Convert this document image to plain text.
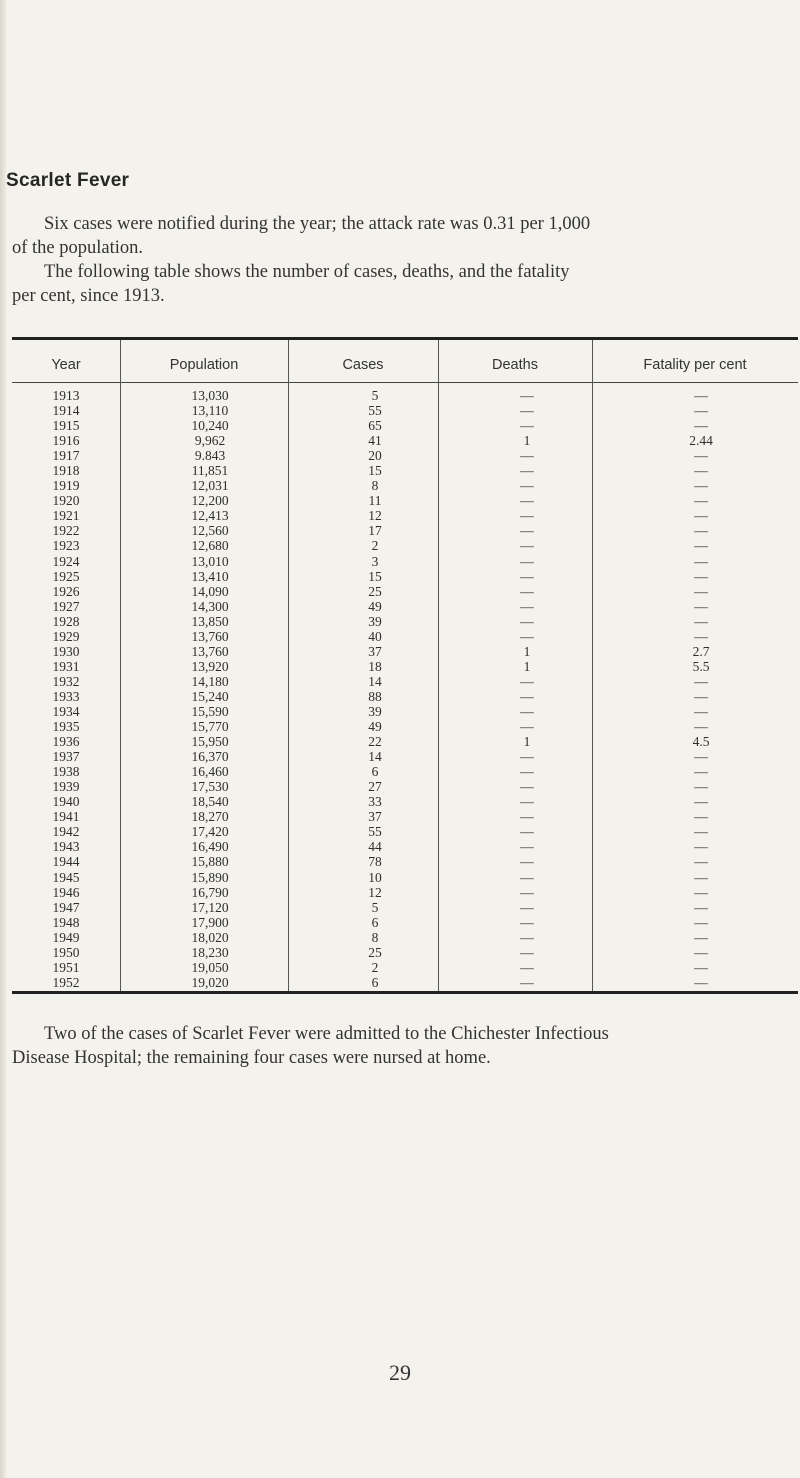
Scarlet Fever
Six cases were notified during the year; the attack rate was 0.31 per 1,000
of the population.
The following table shows the number of cases, deaths, and the fatality
per cent, since 1913.
Year	Population	Cases	Deaths	Fatality per cent
1913	13,030	5	—	—
1914	13,110	55	—	—
1915	10,240	65	—	—
1916	9,962	41	1	2.44
1917	9.843	20	—	—
1918	11,851	15	—	—
1919	12,031	8	—	—
1920	12,200	11	—	—
1921	12,413	12	—	—
1922	12,560	17	—	—
1923	12,680	2	—	—
1924	13,010	3	—	—
1925	13,410	15	—	—
1926	14,090	25	—	—
1927	14,300	49	—	—
1928	13,850	39	—	—
1929	13,760	40	—	—
1930	13,760	37	1	2.7
1931	13,920	18	1	5.5
1932	14,180	14	—	—
1933	15,240	88	—	—
1934	15,590	39	—	—
1935	15,770	49	—	—
1936	15,950	22	1	4.5
1937	16,370	14	—	—
1938	16,460	6	—	—
1939	17,530	27	—	—
1940	18,540	33	—	—
1941	18,270	37	—	—
1942	17,420	55	—	—
1943	16,490	44	—	—
1944	15,880	78	—	—
1945	15,890	10	—	—
1946	16,790	12	—	—
1947	17,120	5	—	—
1948	17,900	6	—	—
1949	18,020	8	—	—
1950	18,230	25	—	—
1951	19,050	2	—	—
1952	19,020	6	—	—
Two of the cases of Scarlet Fever were admitted to the Chichester Infectious
Disease Hospital; the remaining four cases were nursed at home.
29
